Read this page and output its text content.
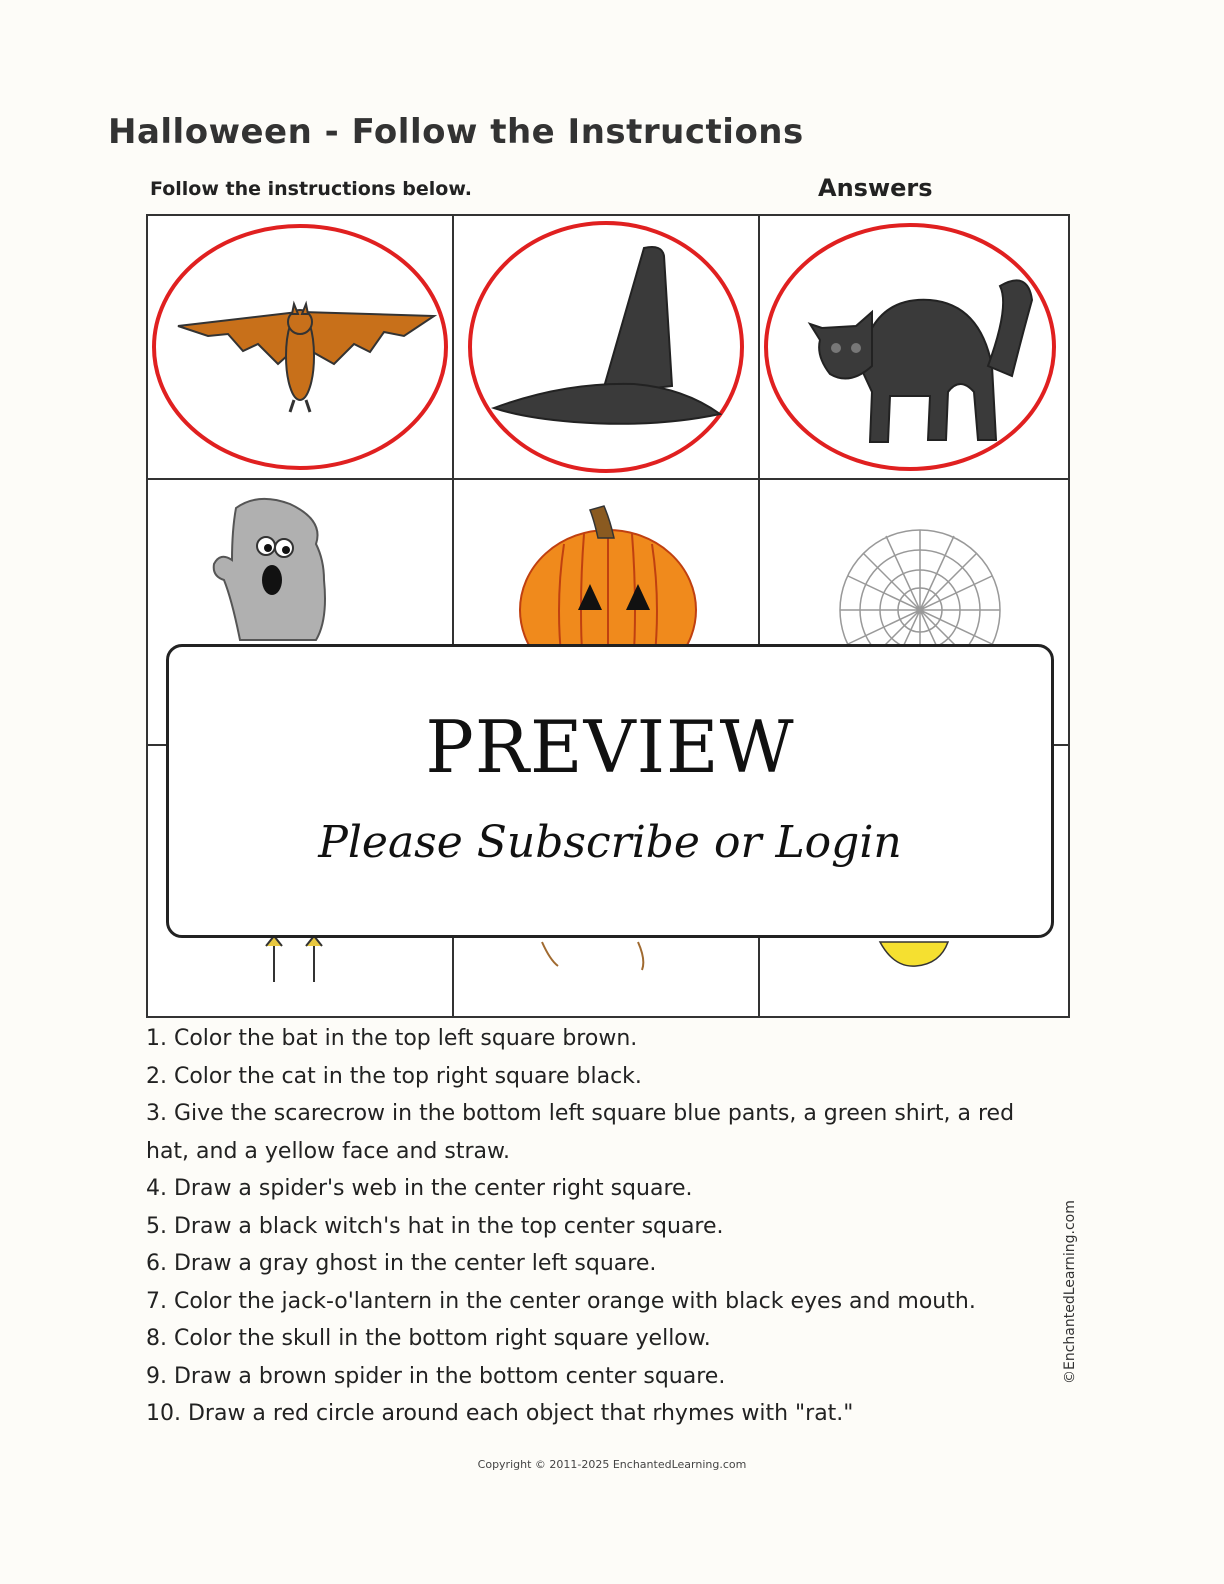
Halloween - Follow the Instructions
Follow the instructions below.	Answers
PREVIEW
Please Subscribe or Login
1. Color the bat in the top left square brown.
2. Color the cat in the top right square black.
3. Give the scarecrow in the bottom left square blue pants, a green shirt, a red hat, and a yellow face and straw.
4. Draw a spider's web in the center right square.
5. Draw a black witch's hat in the top center square.
6. Draw a gray ghost in the center left square.
7. Color the jack-o'lantern in the center orange with black eyes and mouth.
8. Color the skull in the bottom right square yellow.
9. Draw a brown spider in the bottom center square.
10. Draw a red circle around each object that rhymes with "rat."
©EnchantedLearning.com
Copyright © 2011-2025 EnchantedLearning.com
